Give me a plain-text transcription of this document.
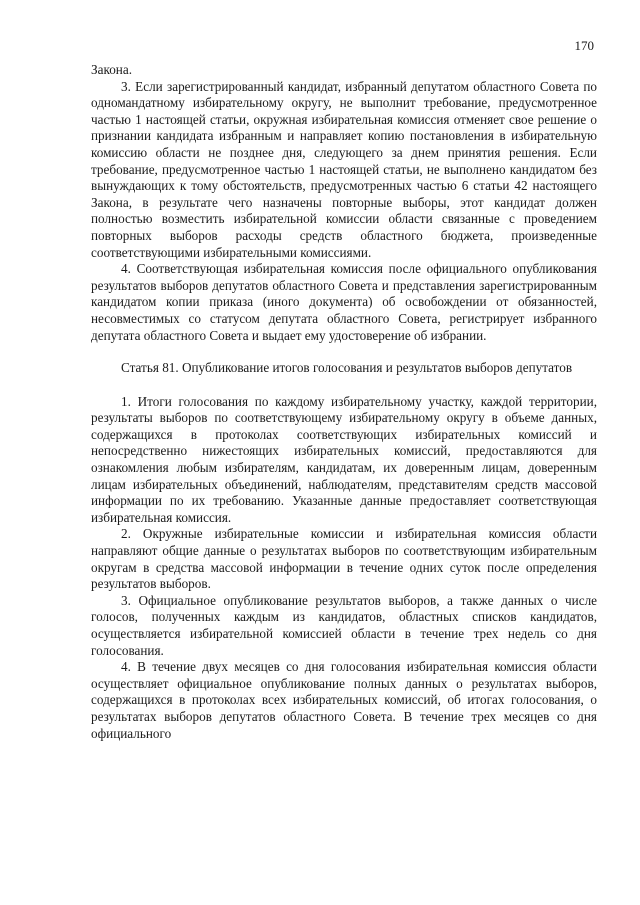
170

Закона.

3. Если зарегистрированный кандидат, избранный депутатом областного Совета по одномандатному избирательному округу, не выполнит требование, предусмотренное частью 1 настоящей статьи, окружная избирательная комиссия отменяет свое решение о признании кандидата избранным и направляет копию постановления в избирательную комиссию области не позднее дня, следующего за днем принятия решения. Если требование, предусмотренное частью 1 настоящей статьи, не выполнено кандидатом без вынуждающих к тому обстоятельств, предусмотренных частью 6 статьи 42 настоящего Закона, в результате чего назначены повторные выборы, этот кандидат должен полностью возместить избирательной комиссии области связанные с проведением повторных выборов расходы средств областного бюджета, произведенные соответствующими избирательными комиссиями.

4. Соответствующая избирательная комиссия после официального опубликования результатов выборов депутатов областного Совета и представления зарегистрированным кандидатом копии приказа (иного документа) об освобождении от обязанностей, несовместимых со статусом депутата областного Совета, регистрирует избранного депутата областного Совета и выдает ему удостоверение об избрании.

Статья 81. Опубликование итогов голосования и результатов выборов депутатов

1. Итоги голосования по каждому избирательному участку, каждой территории, результаты выборов по соответствующему избирательному округу в объеме данных, содержащихся в протоколах соответствующих избирательных комиссий и непосредственно нижестоящих избирательных комиссий, предоставляются для ознакомления любым избирателям, кандидатам, их доверенным лицам, доверенным лицам избирательных объединений, наблюдателям, представителям средств массовой информации по их требованию. Указанные данные предоставляет соответствующая избирательная комиссия.

2. Окружные избирательные комиссии и избирательная комиссия области направляют общие данные о результатах выборов по соответствующим избирательным округам в средства массовой информации в течение одних суток после определения результатов выборов.

3. Официальное опубликование результатов выборов, а также данных о числе голосов, полученных каждым из кандидатов, областных списков кандидатов, осуществляется избирательной комиссией области в течение трех недель со дня голосования.

4. В течение двух месяцев со дня голосования избирательная комиссия области осуществляет официальное опубликование полных данных о результатах выборов, содержащихся в протоколах всех избирательных комиссий, об итогах голосования, о результатах выборов депутатов областного Совета. В течение трех месяцев со дня официального
